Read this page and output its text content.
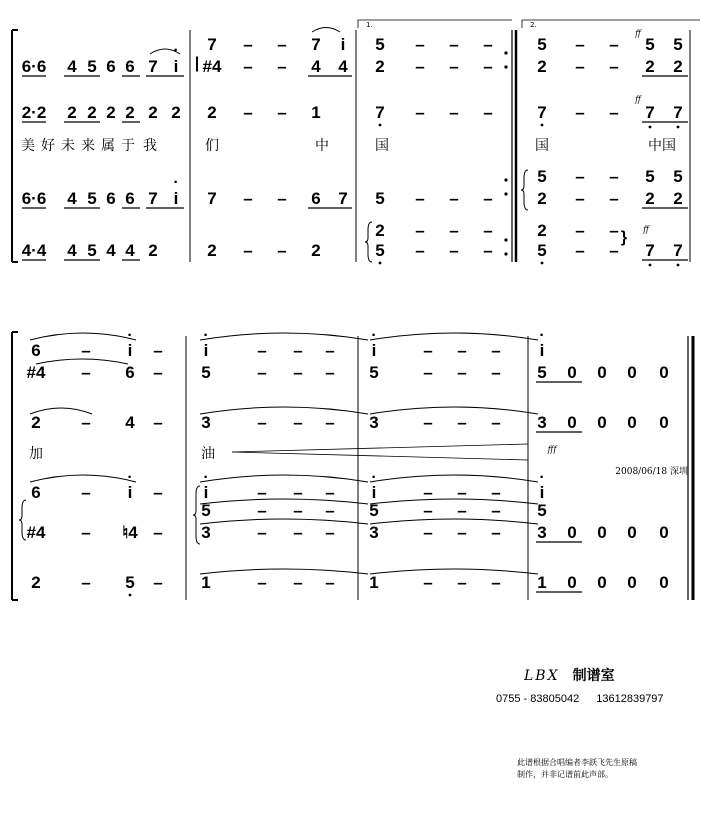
1.	2.
6·6 4 5 6 6 7 i
·
|
7 – – 7 i
#4 – – 4 4
5 – – –
2 – – –
5 – – 5 5
2 – – 2 2
ff
2·2 2 2 2 2 2 2 2 – – 1	7 – – –	7 – – 7 7
ff
美 好 未 来 属 于 我	们	中	国	国	中国
6·6 4 5 6 6 7 i
·
7 – – 6 7 5 – – –
5 – – 5 5
2 – – 2 2
4·4 4 5 4 4 2	2 – – 2
2 – – –
5 – – –
2 – –
5 – – 7 7
} ff
6 – i – i	– – – i	– – – i
#4 – 6 – 5	– – – 5	– – – 5 0 0 0 0
·	·	·	·
2 – 4 – 3	– – – 3	– – – 3 0 0 0 0
加	油	fff
2008/06/18 深圳
6 – i – i	– – – i	– – – i
5	– – – 5	– – – 5
#4 – ♮4 – 3	– – – 3	– – – 3 0 0 0 0
·	·	·	·
2 – 5 – 1	– – – 1	– – – 1 0 0 0 0
LBX 制谱室
0755 - 83805042 13612839797
此谱根据合唱编者李跃飞先生原稿
制作，并非记谱前此声部。
